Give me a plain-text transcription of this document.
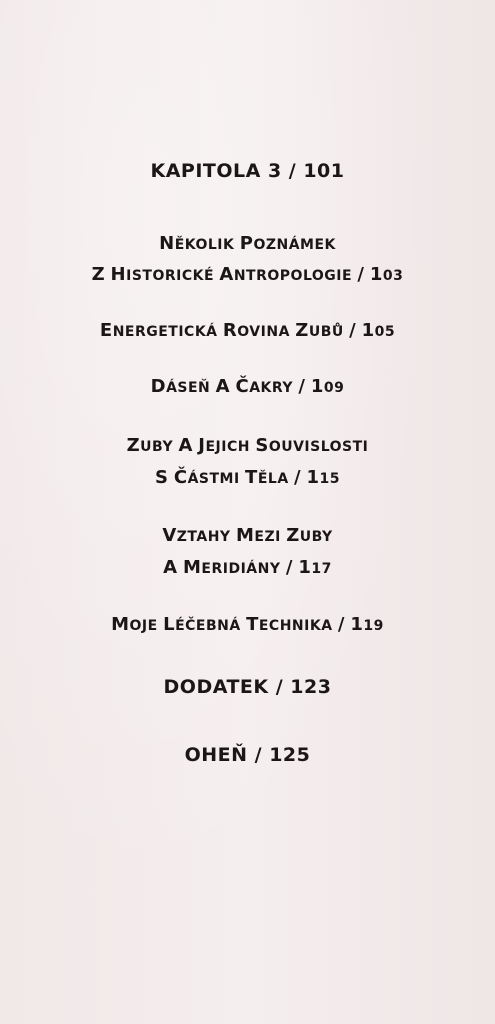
KAPITOLA 3 / 101
NĚKOLIK POZNÁMEK
Z HISTORICKÉ ANTROPOLOGIE / 103
ENERGETICKÁ ROVINA ZUBŮ / 105
DÁSEŇ A ČAKRY / 109
ZUBY A JEJICH SOUVISLOSTI
S ČÁSTMI TĚLA / 115
VZTAHY MEZI ZUBY
A MERIDIÁNY / 117
MOJE LÉČEBNÁ TECHNIKA / 119
DODATEK / 123
OHEŇ / 125
